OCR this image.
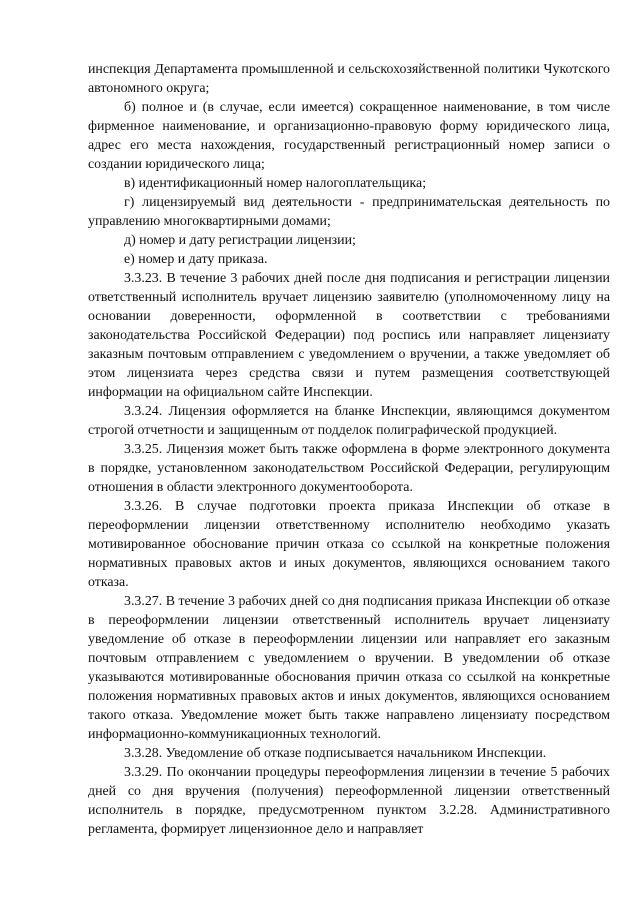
инспекция Департамента промышленной и сельскохозяйственной политики Чукотского автономного округа;

б) полное и (в случае, если имеется) сокращенное наименование, в том числе фирменное наименование, и организационно-правовую форму юридического лица, адрес его места нахождения, государственный регистрационный номер записи о создании юридического лица;

в) идентификационный номер налогоплательщика;

г) лицензируемый вид деятельности - предпринимательская деятельность по управлению многоквартирными домами;

д) номер и дату регистрации лицензии;

е) номер и дату приказа.

3.3.23. В течение 3 рабочих дней после дня подписания и регистрации лицензии ответственный исполнитель вручает лицензию заявителю (уполномоченному лицу на основании доверенности, оформленной в соответствии с требованиями законодательства Российской Федерации) под роспись или направляет лицензиату заказным почтовым отправлением с уведомлением о вручении, а также уведомляет об этом лицензиата через средства связи и путем размещения соответствующей информации на официальном сайте Инспекции.

3.3.24. Лицензия оформляется на бланке Инспекции, являющимся документом строгой отчетности и защищенным от подделок полиграфической продукцией.

3.3.25. Лицензия может быть также оформлена в форме электронного документа в порядке, установленном законодательством Российской Федерации, регулирующим отношения в области электронного документооборота.

3.3.26. В случае подготовки проекта приказа Инспекции об отказе в переоформлении лицензии ответственному исполнителю необходимо указать мотивированное обоснование причин отказа со ссылкой на конкретные положения нормативных правовых актов и иных документов, являющихся основанием такого отказа.

3.3.27. В течение 3 рабочих дней со дня подписания приказа Инспекции об отказе в переоформлении лицензии ответственный исполнитель вручает лицензиату уведомление об отказе в переоформлении лицензии или направляет его заказным почтовым отправлением с уведомлением о вручении. В уведомлении об отказе указываются мотивированные обоснования причин отказа со ссылкой на конкретные положения нормативных правовых актов и иных документов, являющихся основанием такого отказа. Уведомление может быть также направлено лицензиату посредством информационно-коммуникационных технологий.

3.3.28. Уведомление об отказе подписывается начальником Инспекции.

3.3.29. По окончании процедуры переоформления лицензии в течение 5 рабочих дней со дня вручения (получения) переоформленной лицензии ответственный исполнитель в порядке, предусмотренном пунктом 3.2.28. Административного регламента, формирует лицензионное дело и направляет
